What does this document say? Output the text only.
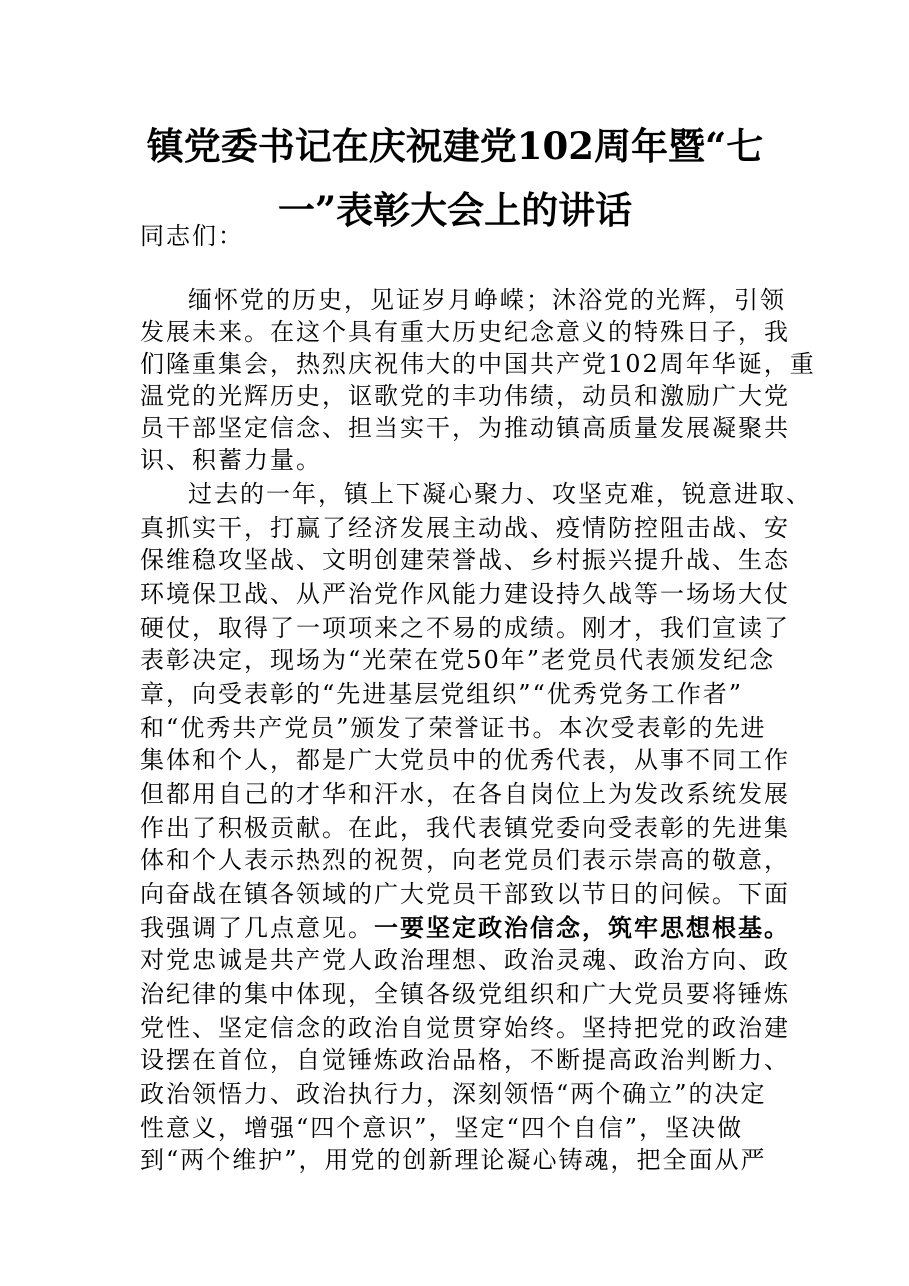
镇党委书记在庆祝建党102周年暨“七
一”表彰大会上的讲话
同志们：
缅怀党的历史，见证岁月峥嵘；沐浴党的光辉，引领
发展未来。在这个具有重大历史纪念意义的特殊日子，我
们隆重集会，热烈庆祝伟大的中国共产党102周年华诞，重
温党的光辉历史，讴歌党的丰功伟绩，动员和激励广大党
员干部坚定信念、担当实干，为推动镇高质量发展凝聚共
识、积蓄力量。
过去的一年，镇上下凝心聚力、攻坚克难，锐意进取、
真抓实干，打赢了经济发展主动战、疫情防控阻击战、安
保维稳攻坚战、文明创建荣誉战、乡村振兴提升战、生态
环境保卫战、从严治党作风能力建设持久战等一场场大仗
硬仗，取得了一项项来之不易的成绩。刚才，我们宣读了
表彰决定，现场为“光荣在党50年”老党员代表颁发纪念
章，向受表彰的“先进基层党组织”“优秀党务工作者”
和“优秀共产党员”颁发了荣誉证书。本次受表彰的先进
集体和个人，都是广大党员中的优秀代表，从事不同工作
但都用自己的才华和汗水，在各自岗位上为发改系统发展
作出了积极贡献。在此，我代表镇党委向受表彰的先进集
体和个人表示热烈的祝贺，向老党员们表示崇高的敬意，
向奋战在镇各领域的广大党员干部致以节日的问候。下面
我强调了几点意见。一要坚定政治信念，筑牢思想根基。
对党忠诚是共产党人政治理想、政治灵魂、政治方向、政
治纪律的集中体现，全镇各级党组织和广大党员要将锤炼
党性、坚定信念的政治自觉贯穿始终。坚持把党的政治建
设摆在首位，自觉锤炼政治品格，不断提高政治判断力、
政治领悟力、政治执行力，深刻领悟“两个确立”的决定
性意义，增强“四个意识”，坚定“四个自信”，坚决做
到“两个维护”，用党的创新理论凝心铸魂，把全面从严
